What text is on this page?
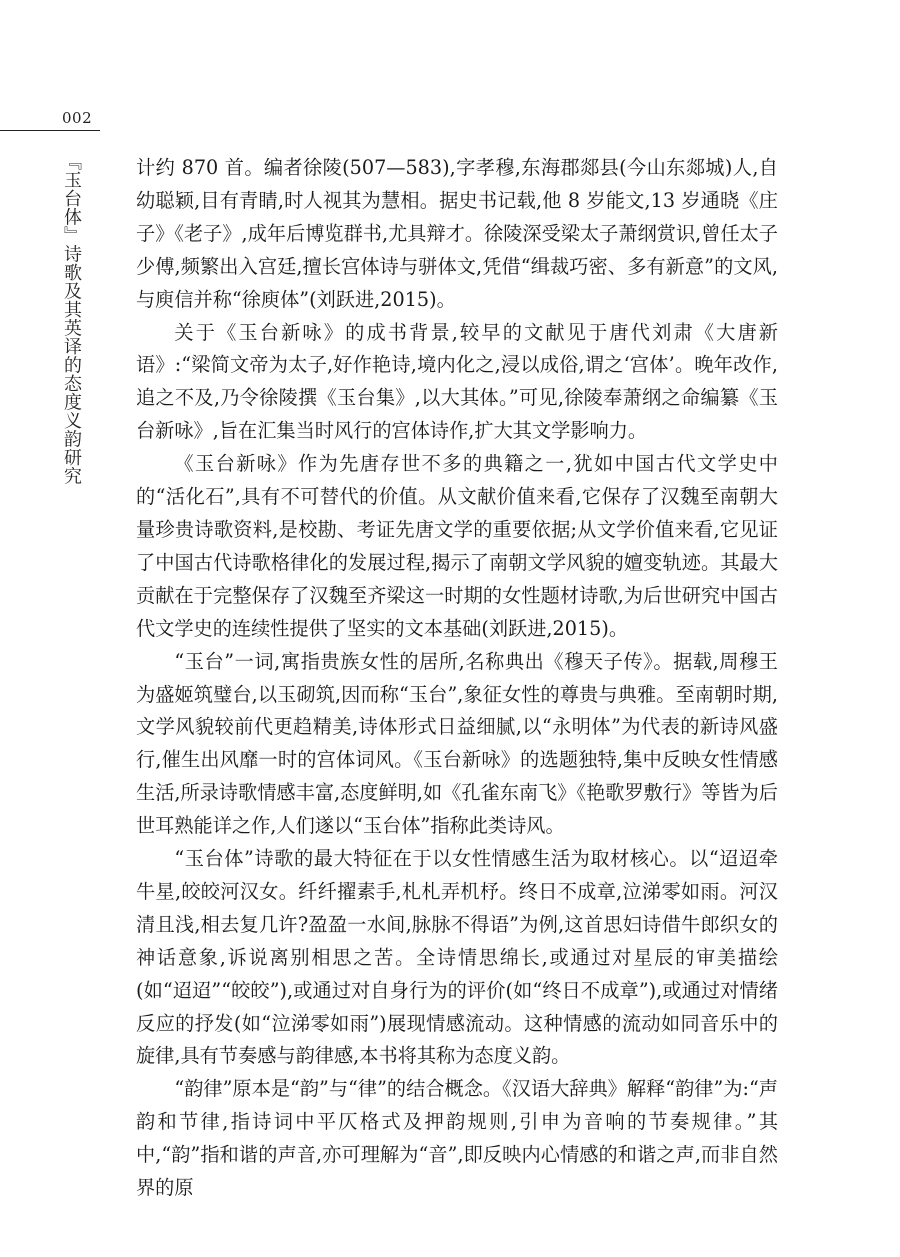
002
『玉台体』诗歌及其英译的态度义韵研究	计约 870 首。编者徐陵(507—583),字孝穆,东海郡郯县(今山东郯城)人,自幼聪颖,目有青睛,时人视其为慧相。据史书记载,他 8 岁能文,13 岁通晓《庄子》《老子》,成年后博览群书,尤具辩才。徐陵深受梁太子萧纲赏识,曾任太子少傅,频繁出入宫廷,擅长宫体诗与骈体文,凭借“缉裁巧密、多有新意”的文风,与庾信并称“徐庾体”(刘跃进,2015)。

关于《玉台新咏》的成书背景,较早的文献见于唐代刘肃《大唐新语》:“梁简文帝为太子,好作艳诗,境内化之,浸以成俗,谓之‘宫体’。晚年改作,追之不及,乃令徐陵撰《玉台集》,以大其体。”可见,徐陵奉萧纲之命编纂《玉台新咏》,旨在汇集当时风行的宫体诗作,扩大其文学影响力。

《玉台新咏》作为先唐存世不多的典籍之一,犹如中国古代文学史中的“活化石”,具有不可替代的价值。从文献价值来看,它保存了汉魏至南朝大量珍贵诗歌资料,是校勘、考证先唐文学的重要依据;从文学价值来看,它见证了中国古代诗歌格律化的发展过程,揭示了南朝文学风貌的嬗变轨迹。其最大贡献在于完整保存了汉魏至齐梁这一时期的女性题材诗歌,为后世研究中国古代文学史的连续性提供了坚实的文本基础(刘跃进,2015)。

“玉台”一词,寓指贵族女性的居所,名称典出《穆天子传》。据载,周穆王为盛姬筑璧台,以玉砌筑,因而称“玉台”,象征女性的尊贵与典雅。至南朝时期,文学风貌较前代更趋精美,诗体形式日益细腻,以“永明体”为代表的新诗风盛行,催生出风靡一时的宫体词风。《玉台新咏》的选题独特,集中反映女性情感生活,所录诗歌情感丰富,态度鲜明,如《孔雀东南飞》《艳歌罗敷行》等皆为后世耳熟能详之作,人们遂以“玉台体”指称此类诗风。

“玉台体”诗歌的最大特征在于以女性情感生活为取材核心。以“迢迢牵牛星,皎皎河汉女。纤纤擢素手,札札弄机杼。终日不成章,泣涕零如雨。河汉清且浅,相去复几许?盈盈一水间,脉脉不得语”为例,这首思妇诗借牛郎织女的神话意象,诉说离别相思之苦。全诗情思绵长,或通过对星辰的审美描绘(如“迢迢”“皎皎”),或通过对自身行为的评价(如“终日不成章”),或通过对情绪反应的抒发(如“泣涕零如雨”)展现情感流动。这种情感的流动如同音乐中的旋律,具有节奏感与韵律感,本书将其称为态度义韵。

“韵律”原本是“韵”与“律”的结合概念。《汉语大辞典》解释“韵律”为:“声韵和节律,指诗词中平仄格式及押韵规则,引申为音响的节奏规律。”其中,“韵”指和谐的声音,亦可理解为“音”,即反映内心情感的和谐之声,而非自然界的原
